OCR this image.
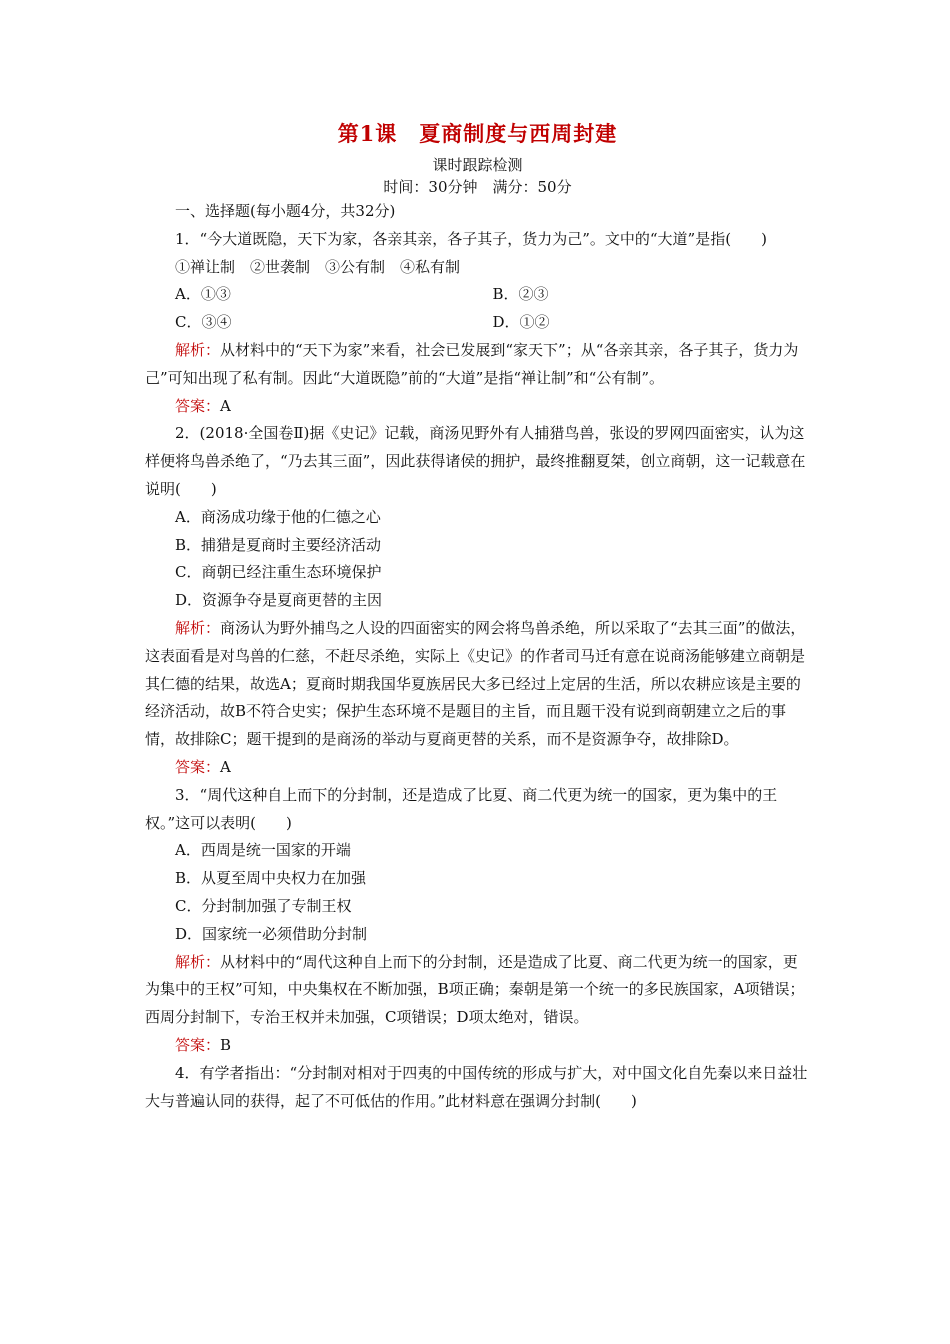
第1课　夏商制度与西周封建
课时跟踪检测
时间：30分钟　满分：50分

一、选择题(每小题4分，共32分)

1．“今大道既隐，天下为家，各亲其亲，各子其子，货力为己”。文中的“大道”是指(　　)

①禅让制　②世袭制　③公有制　④私有制

A．①③	B．②③
C．③④	D．①②

解析：从材料中的“天下为家”来看，社会已发展到“家天下”；从“各亲其亲，各子其子，货力为己”可知出现了私有制。因此“大道既隐”前的“大道”是指“禅让制”和“公有制”。

答案：A

2．(2018·全国卷Ⅱ)据《史记》记载，商汤见野外有人捕猎鸟兽，张设的罗网四面密实，认为这样便将鸟兽杀绝了，“乃去其三面”，因此获得诸侯的拥护，最终推翻夏桀，创立商朝，这一记载意在说明(　　)

A．商汤成功缘于他的仁德之心

B．捕猎是夏商时主要经济活动

C．商朝已经注重生态环境保护

D．资源争夺是夏商更替的主因

解析：商汤认为野外捕鸟之人设的四面密实的网会将鸟兽杀绝，所以采取了“去其三面”的做法，这表面看是对鸟兽的仁慈，不赶尽杀绝，实际上《史记》的作者司马迁有意在说商汤能够建立商朝是其仁德的结果，故选A；夏商时期我国华夏族居民大多已经过上定居的生活，所以农耕应该是主要的经济活动，故B不符合史实；保护生态环境不是题目的主旨，而且题干没有说到商朝建立之后的事情，故排除C；题干提到的是商汤的举动与夏商更替的关系，而不是资源争夺，故排除D。

答案：A

3．“周代这种自上而下的分封制，还是造成了比夏、商二代更为统一的国家，更为集中的王权。”这可以表明(　　)

A．西周是统一国家的开端

B．从夏至周中央权力在加强

C．分封制加强了专制王权

D．国家统一必须借助分封制

解析：从材料中的“周代这种自上而下的分封制，还是造成了比夏、商二代更为统一的国家，更为集中的王权”可知，中央集权在不断加强，B项正确；秦朝是第一个统一的多民族国家，A项错误；西周分封制下，专治王权并未加强，C项错误；D项太绝对，错误。

答案：B

4．有学者指出：“分封制对相对于四夷的中国传统的形成与扩大，对中国文化自先秦以来日益壮大与普遍认同的获得，起了不可低估的作用。”此材料意在强调分封制(　　)
